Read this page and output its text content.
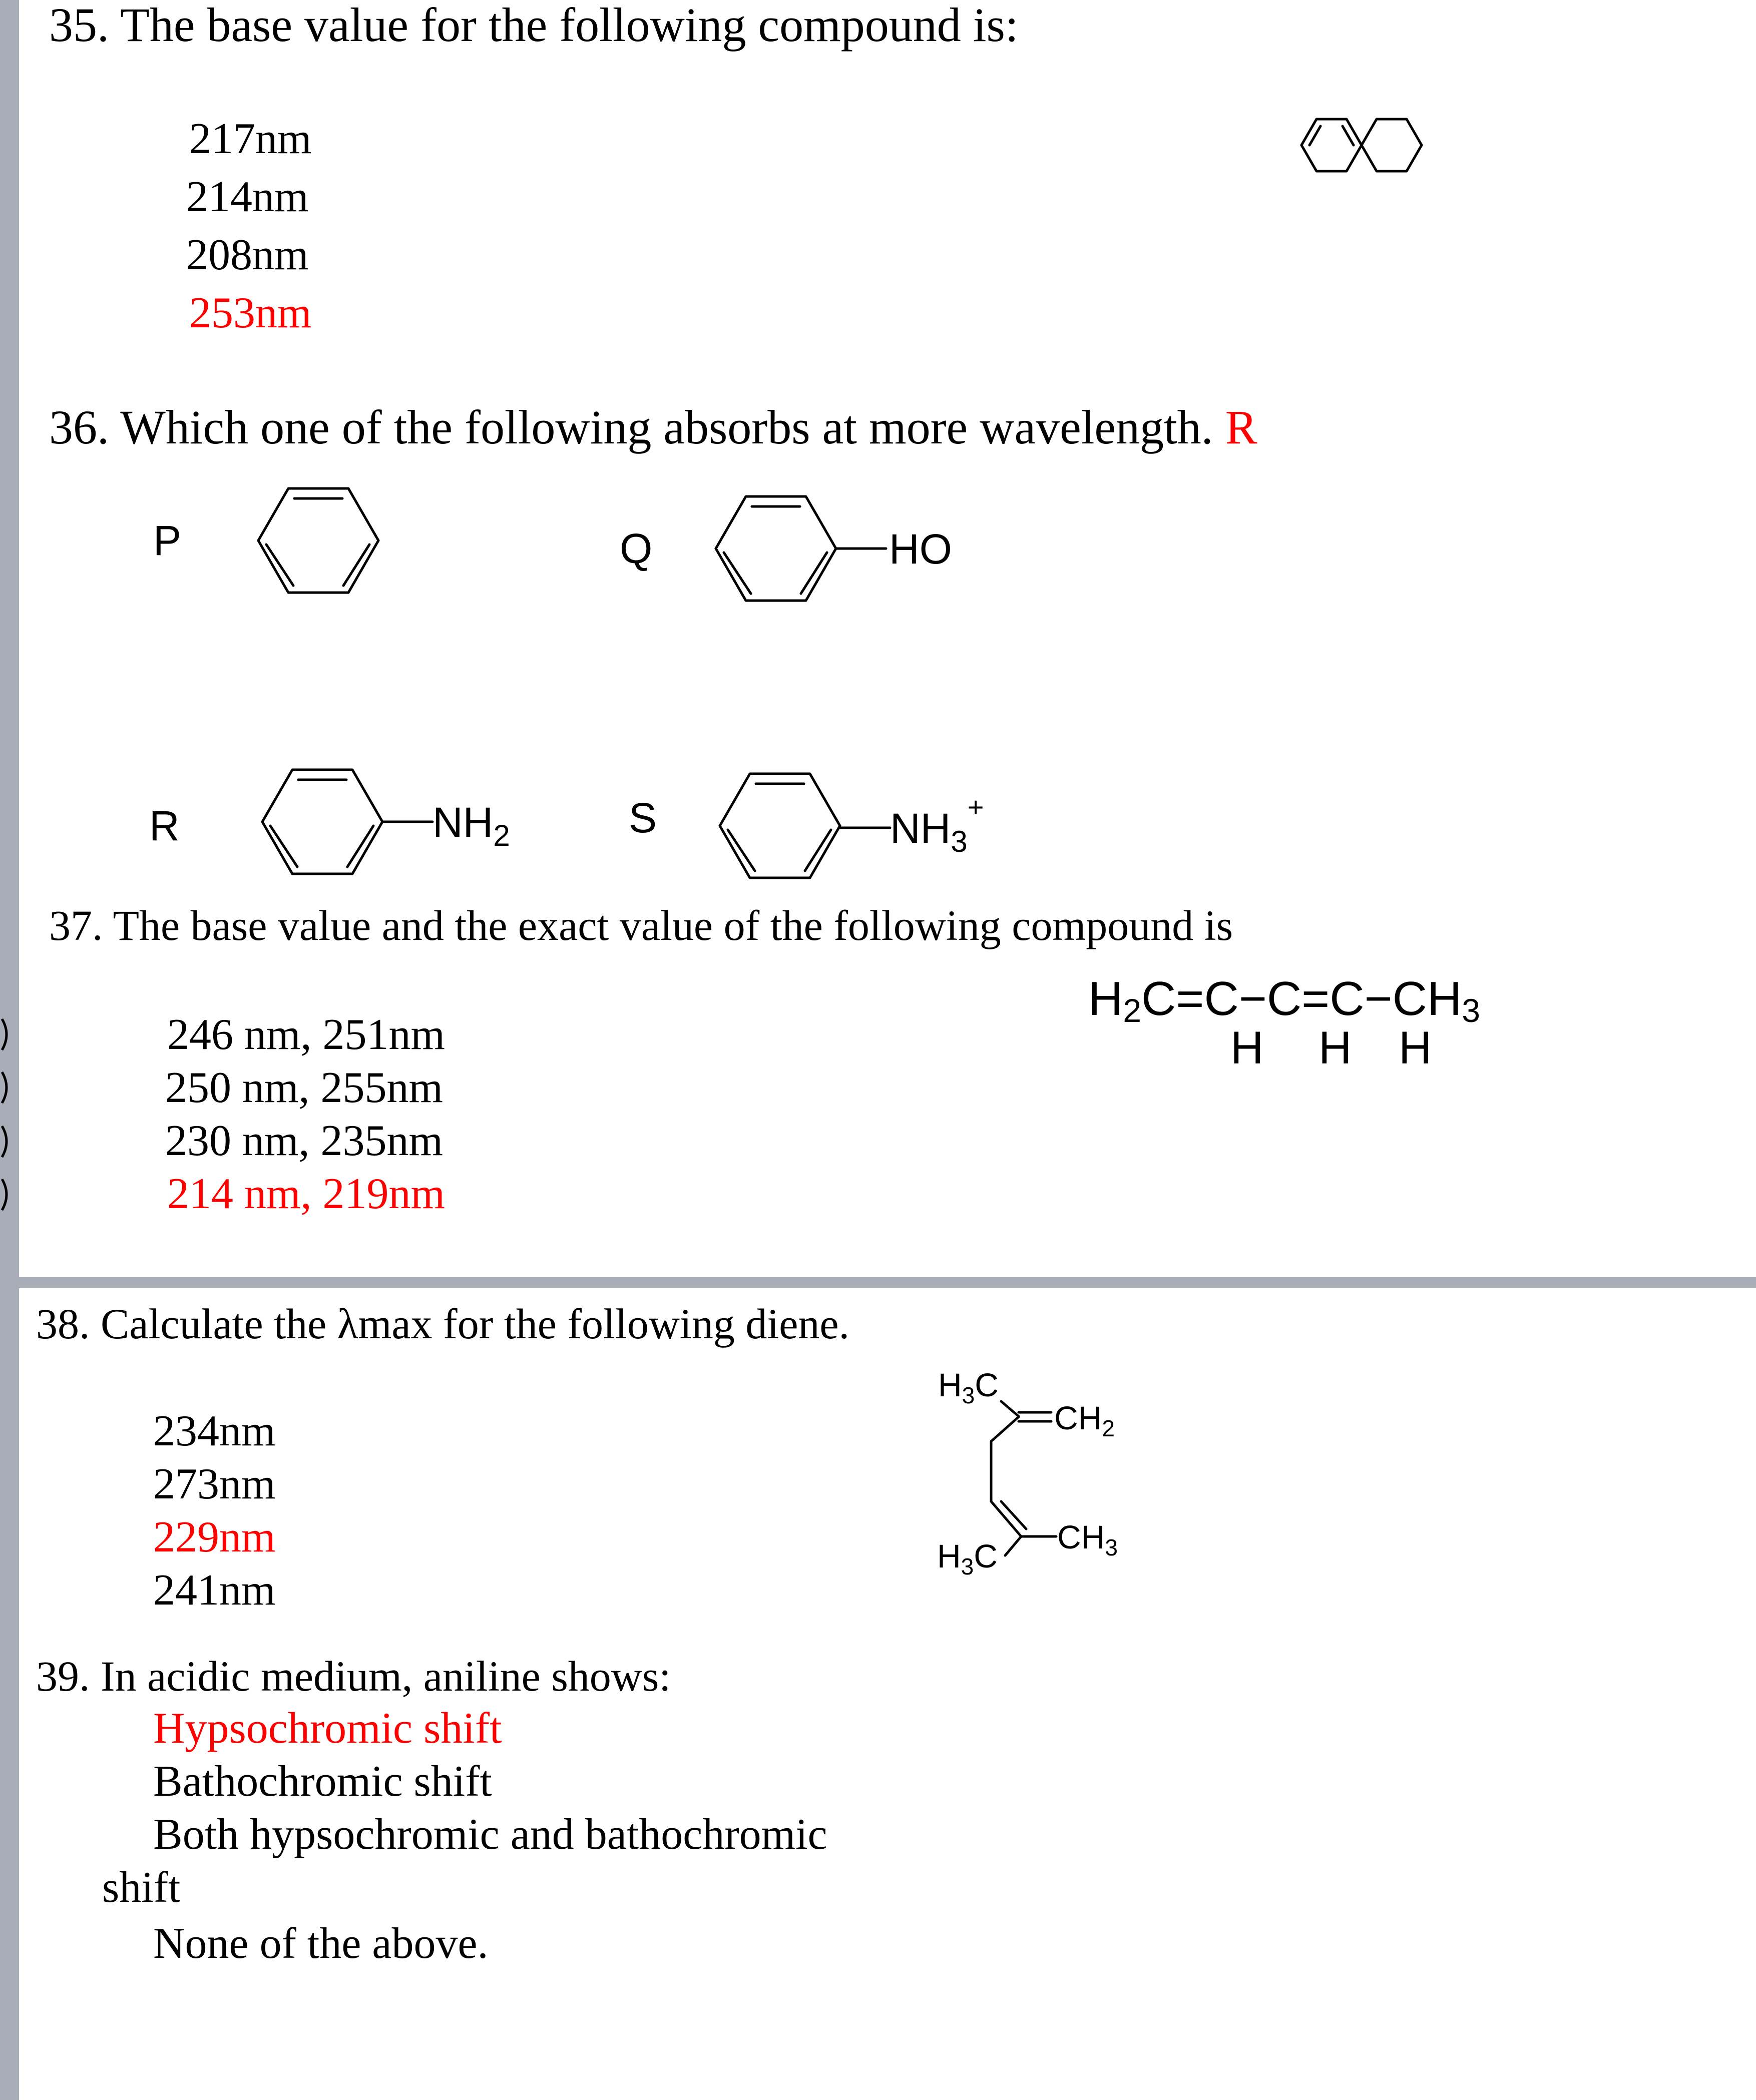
35. The base value for the following compound is:
217nm
214nm
208nm
253nm
36. Which one of the following absorbs at more wavelength. R
P	Q	HO
R	$NH_2$	S	$NH_3^+$
37. The base value and the exact value of the following compound is
246 nm, 251nm
250 nm, 255nm
230 nm, 235nm
214 nm, 219nm
$H_2C=C-C=C-CH_3$
H H H
38. Calculate the λmax for the following diene.
234nm
273nm
229nm
241nm
$H_3C$
$CH_2$
$CH_3$
$H_3C$
39. In acidic medium, aniline shows:
Hypsochromic shift
Bathochromic shift
Both hypsochromic and bathochromic
shift
None of the above.
